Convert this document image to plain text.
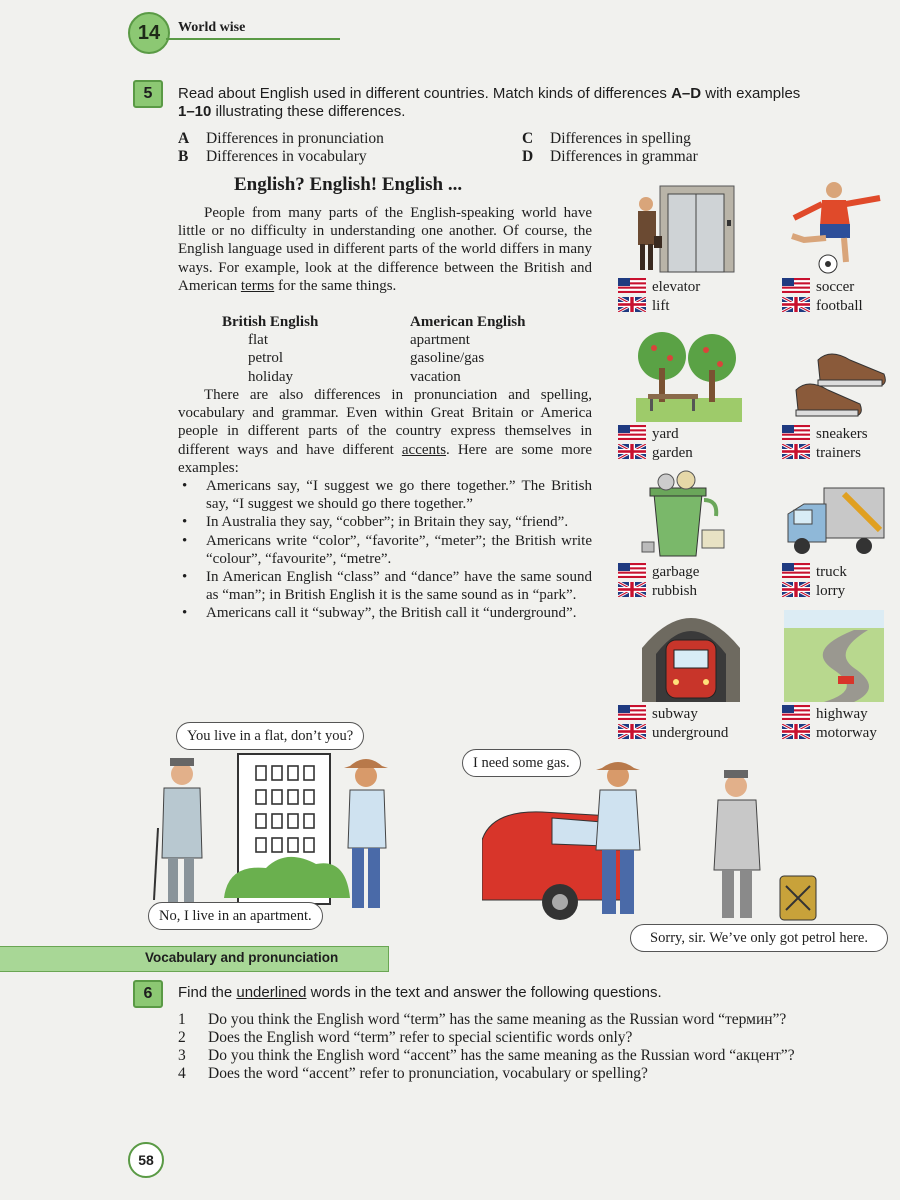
14	World wise
5	Read about English used in different countries. Match kinds of differences A–D with examples
1–10 illustrating these differences.
A Differences in pronunciation
B Differences in vocabulary
C Differences in spelling
D Differences in grammar
English? English! English ...

People from many parts of the English-speaking world have little or no difficulty in understanding one another. Of course, the English language used in different parts of the world differs in many ways. For example, look at the difference between the British and American terms for the same things.

British English	American English
flat	apartment
petrol	gasoline/gas
holiday	vacation

There are also differences in pronunciation and spelling, vocabulary and grammar. Even within Great Britain or America people in different parts of the country express themselves in different ways and have different accents. Here are some more examples:

• Americans say, “I suggest we go there together.” The British say, “I suggest we should go there together.”
• In Australia they say, “cobber”; in Britain they say, “friend”.
• Americans write “color”, “favorite”, “meter”; the British write “colour”, “favourite”, “metre”.
• In American English “class” and “dance” have the same sound as “man”; in British English it is the same sound as in “park”.
• Americans call it “subway”, the British call it “underground”.
elevator
lift
soccer
football
yard
garden
sneakers
trainers
garbage
rubbish
truck
lorry
subway
underground
highway
motorway
You live in a flat, don’t you?
No, I live in an apartment.
I need some gas.
Sorry, sir. We’ve only got petrol here.
Vocabulary and pronunciation
6	Find the underlined words in the text and answer the following questions.
1	Do you think the English word “term” has the same meaning as the Russian word “термин”?
2	Does the English word “term” refer to special scientific words only?
3	Do you think the English word “accent” has the same meaning as the Russian word “акцент”?
4	Does the word “accent” refer to pronunciation, vocabulary or spelling?
58
